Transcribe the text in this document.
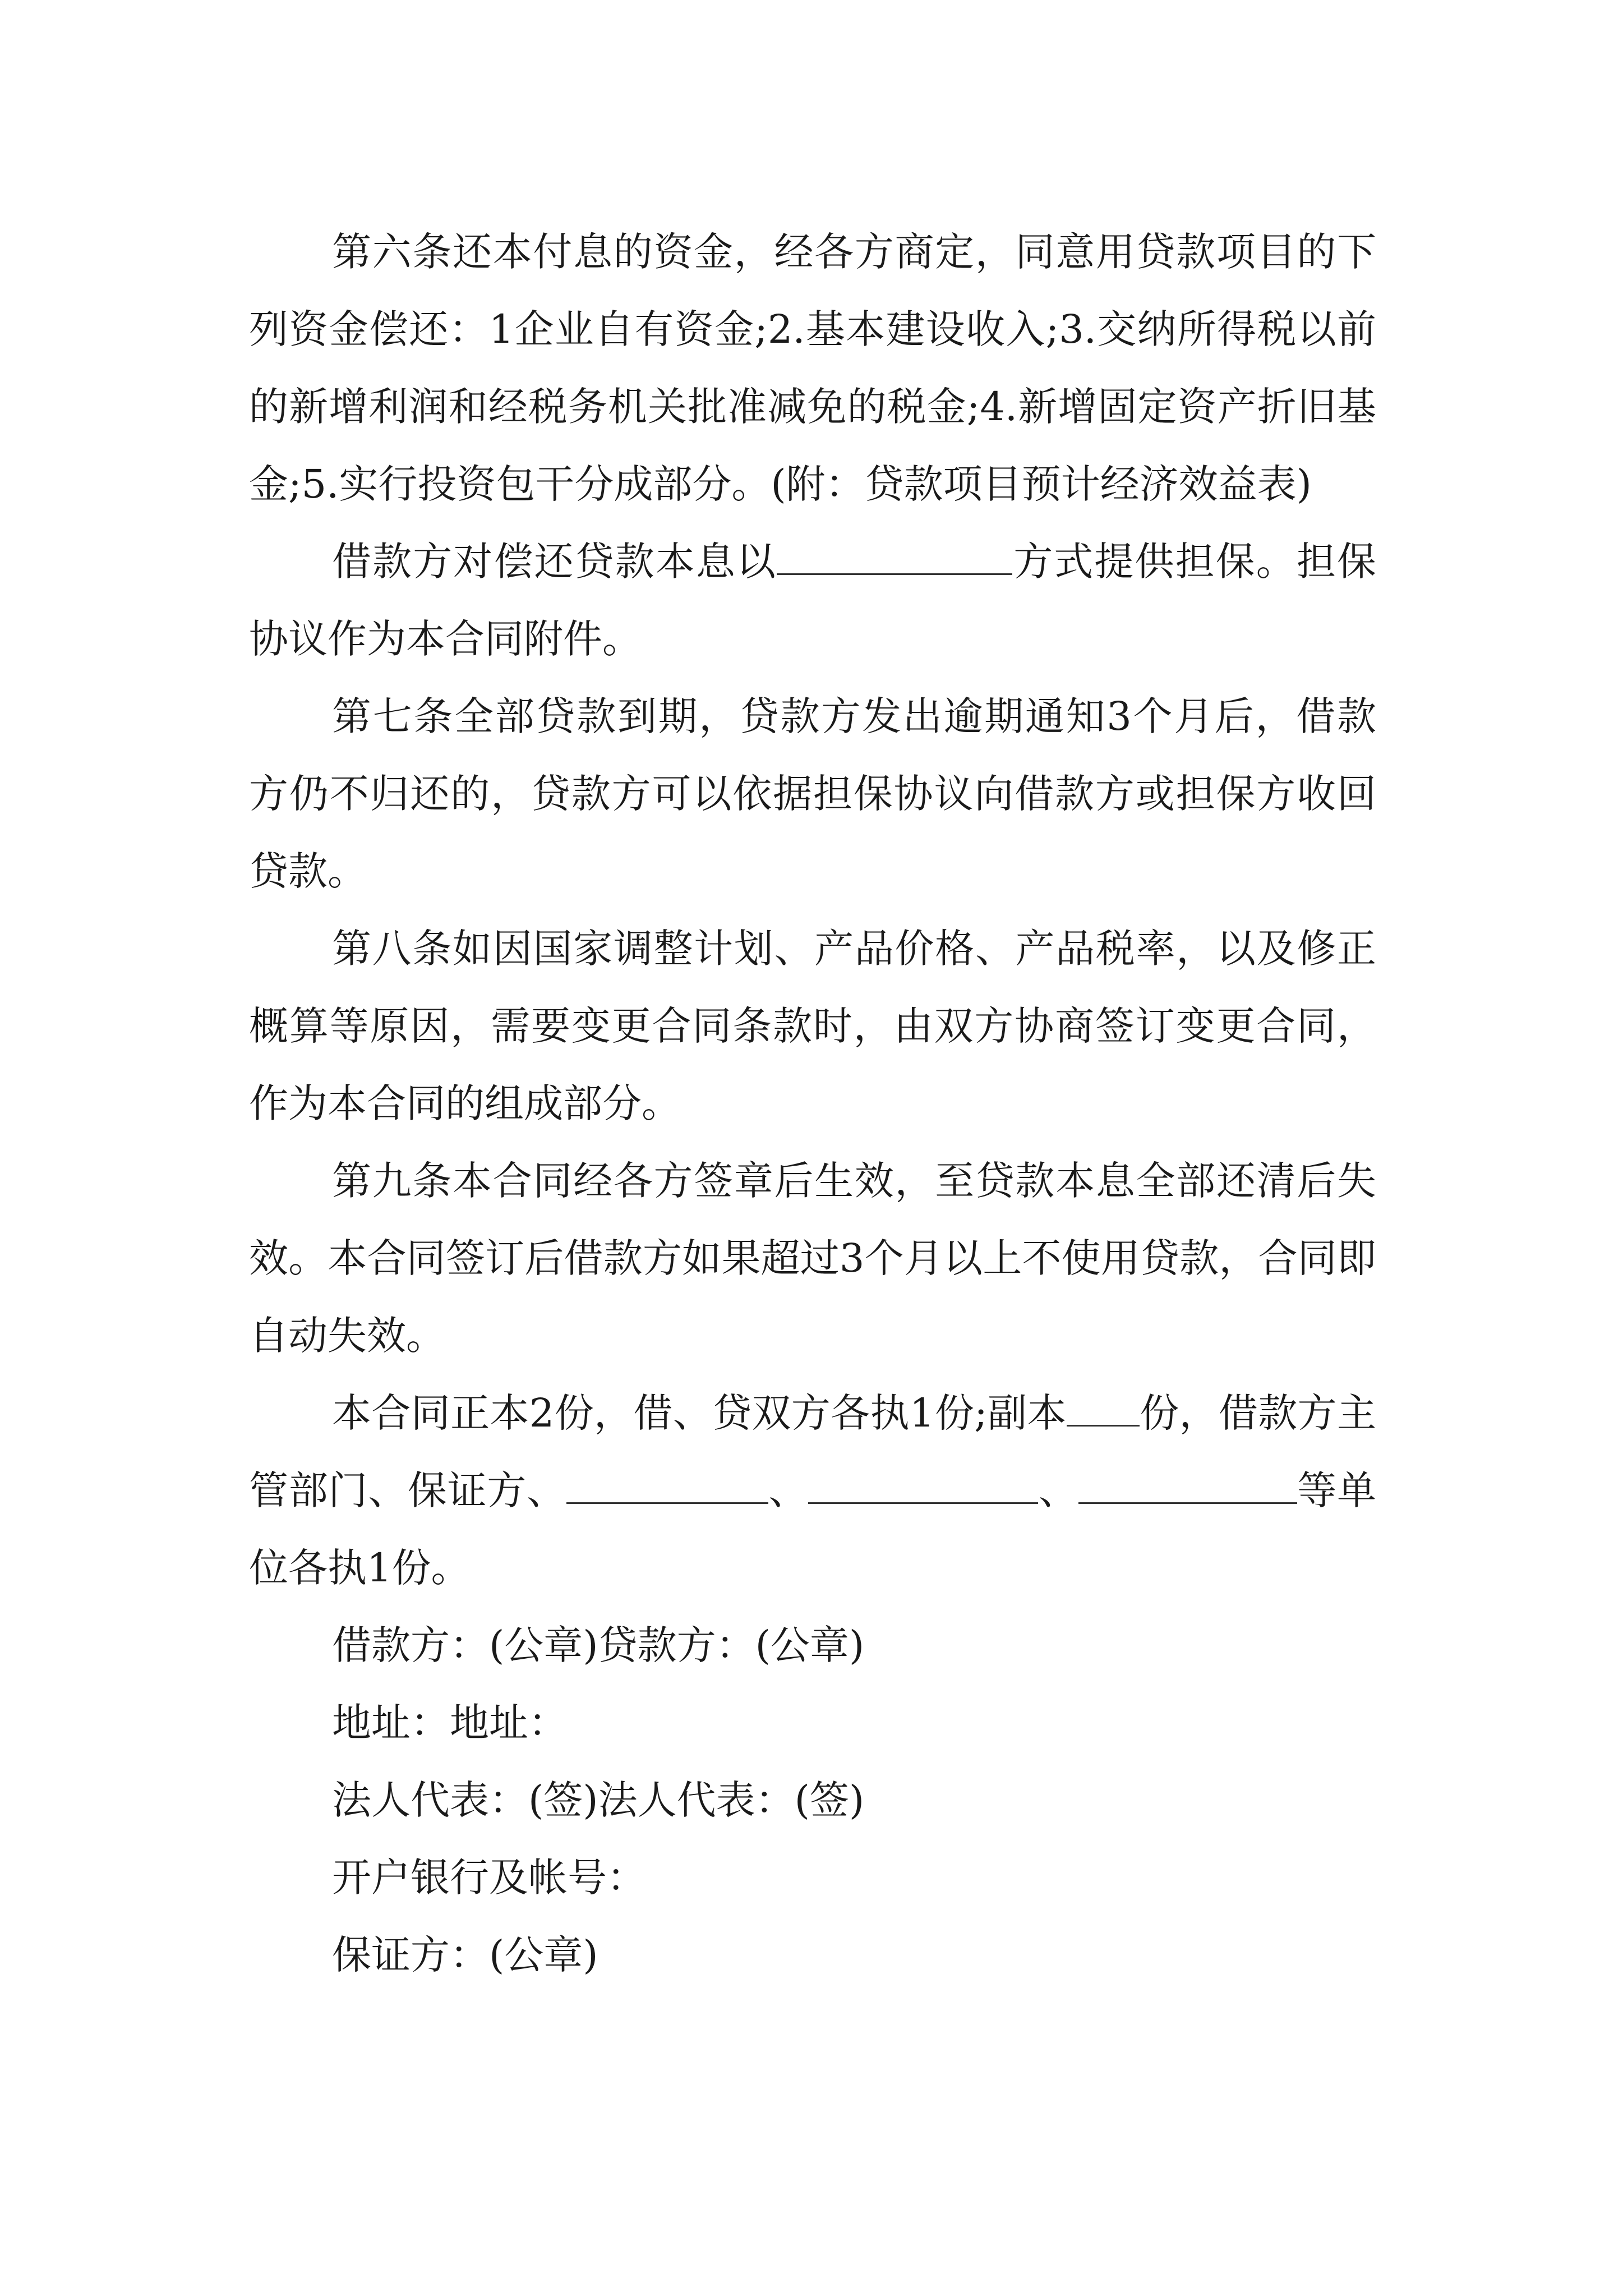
第六条还本付息的资金，经各方商定，同意用贷款项目的下列资金偿还：1企业自有资金;2.基本建设收入;3.交纳所得税以前的新增利润和经税务机关批准减免的税金;4.新增固定资产折旧基金;5.实行投资包干分成部分。(附：贷款项目预计经济效益表)

借款方对偿还贷款本息以	方式提供担保。担保协议作为本合同附件。

第七条全部贷款到期，贷款方发出逾期通知3个月后，借款方仍不归还的，贷款方可以依据担保协议向借款方或担保方收回贷款。

第八条如因国家调整计划、产品价格、产品税率，以及修正概算等原因，需要变更合同条款时，由双方协商签订变更合同，作为本合同的组成部分。

第九条本合同经各方签章后生效，至贷款本息全部还清后失效。本合同签订后借款方如果超过3个月以上不使用贷款，合同即自动失效。

本合同正本2份，借、贷双方各执1份;副本 份，借款方主管部门、保证方、	、	、	等单位各执1份。

借款方：(公章)贷款方：(公章)

地址：地址：

法人代表：(签)法人代表：(签)

开户银行及帐号：

保证方：(公章)
